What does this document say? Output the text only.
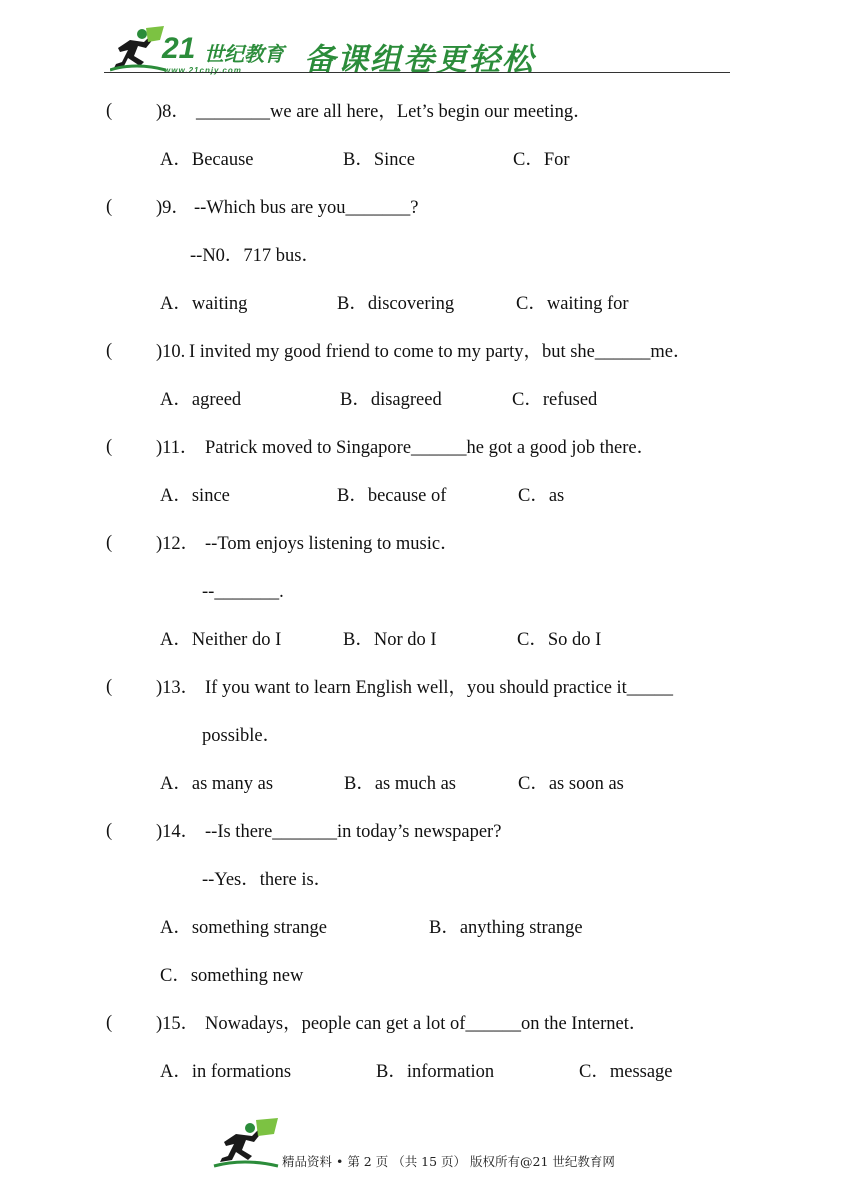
21 世纪教育
www.21cnjy.com 备课组卷更轻松
( )8． ________we are all here，Let’s begin our meeting．
A．Because	B．Since	C．For
( )9． --Which bus are you_______?
--N0．717 bus．
A．waiting	B．discovering	C．waiting for
( )10. I invited my good friend to come to my party，but she______me．
A．agreed	B．disagreed	C．refused
( )11． Patrick moved to Singapore______he got a good job there．
A．since	B．because of	C．as
( )12． --Tom enjoys listening to music．
--_______.
A．Neither do I	B．Nor do I	C．So do I
( )13． If you want to learn English well，you should practice it_____
possible．
A．as many as	B．as much as	C．as soon as
( )14． --Is there_______in today’s newspaper?
--Yes．there is．
A．something strange	B．anything strange
C．something new
( )15． Nowadays，people can get a lot of______on the Internet．
A．in formations	B．information	C．message
精品资料 • 第 2 页 （共 15 页） 版权所有@21 世纪教育网
